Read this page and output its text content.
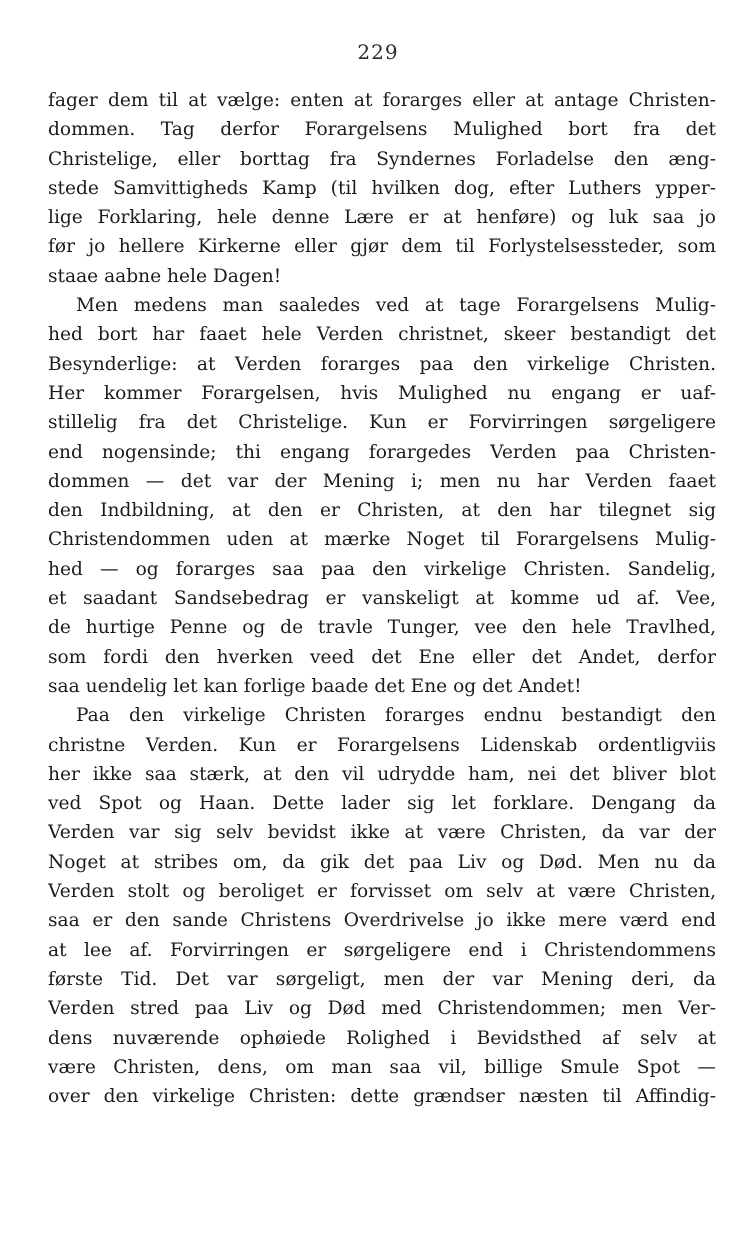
229
fager dem til at vælge: enten at forarges eller at antage Christen-
dommen. Tag derfor Forargelsens Mulighed bort fra det
Christelige, eller borttag fra Syndernes Forladelse den æng-
stede Samvittigheds Kamp (til hvilken dog, efter Luthers ypper-
lige Forklaring, hele denne Lære er at henføre) og luk saa jo
før jo hellere Kirkerne eller gjør dem til Forlystelsessteder, som
staae aabne hele Dagen!
Men medens man saaledes ved at tage Forargelsens Mulig-
hed bort har faaet hele Verden christnet, skeer bestandigt det
Besynderlige: at Verden forarges paa den virkelige Christen.
Her kommer Forargelsen, hvis Mulighed nu engang er uaf-
stillelig fra det Christelige. Kun er Forvirringen sørgeligere
end nogensinde; thi engang forargedes Verden paa Christen-
dommen — det var der Mening i; men nu har Verden faaet
den Indbildning, at den er Christen, at den har tilegnet sig
Christendommen uden at mærke Noget til Forargelsens Mulig-
hed — og forarges saa paa den virkelige Christen. Sandelig,
et saadant Sandsebedrag er vanskeligt at komme ud af. Vee,
de hurtige Penne og de travle Tunger, vee den hele Travlhed,
som fordi den hverken veed det Ene eller det Andet, derfor
saa uendelig let kan forlige baade det Ene og det Andet!
Paa den virkelige Christen forarges endnu bestandigt den
christne Verden. Kun er Forargelsens Lidenskab ordentligviis
her ikke saa stærk, at den vil udrydde ham, nei det bliver blot
ved Spot og Haan. Dette lader sig let forklare. Dengang da
Verden var sig selv bevidst ikke at være Christen, da var der
Noget at stribes om, da gik det paa Liv og Død. Men nu da
Verden stolt og beroliget er forvisset om selv at være Christen,
saa er den sande Christens Overdrivelse jo ikke mere værd end
at lee af. Forvirringen er sørgeligere end i Christendommens
første Tid. Det var sørgeligt, men der var Mening deri, da
Verden stred paa Liv og Død med Christendommen; men Ver-
dens nuværende ophøiede Rolighed i Bevidsthed af selv at
være Christen, dens, om man saa vil, billige Smule Spot —
over den virkelige Christen: dette grændser næsten til Affindig-
